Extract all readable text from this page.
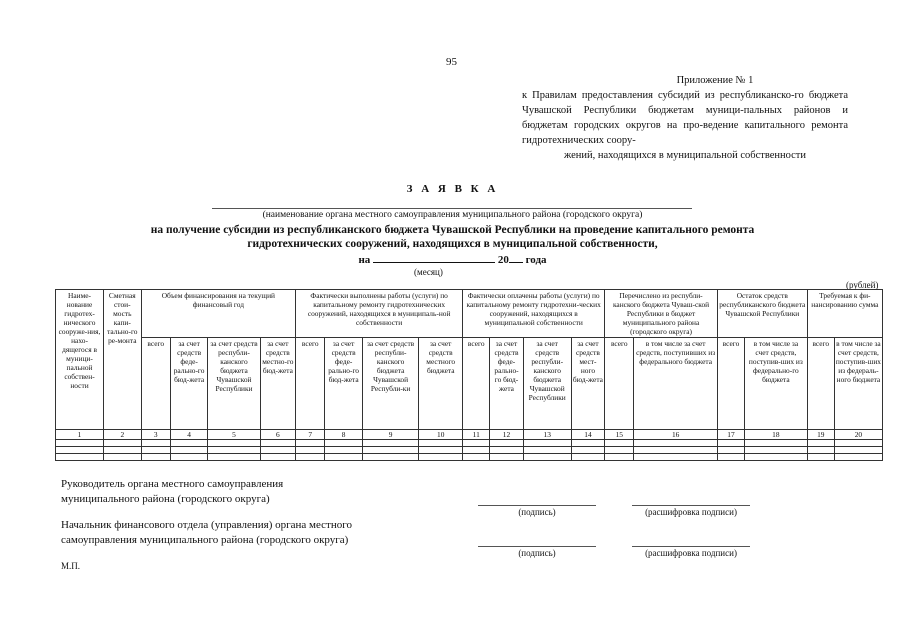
95
Приложение № 1
к Правилам предоставления субсидий из республиканско-го бюджета Чувашской Республики бюджетам муници-пальных районов и бюджетам городских округов на про-ведение капитального ремонта гидротехнических соору-
жений, находящихся в муниципальной собственности
З А Я В К А
(наименование органа местного самоуправления муниципального района (городского округа)
на получение субсидии из республиканского бюджета Чувашской Республики на проведение капитального ремонта
гидротехнических сооружений, находящихся в муниципальной собственности,
на	20 года
(месяц)
(рублей)
Наиме-нование гидротех-нического сооруже-ния, нахо-дящегося в муници-пальной собствен-ности	Сметная стои-мость капи-тально-го ре-монта	Объем финансирования на текущий финансовый год				Фактически выполнены работы (услуги) по капитальному ремонту гидротехнических сооружений, находящихся в муниципаль-ной собственности				Фактически оплачены работы (услуги) по капитальному ремонту гидротехни-ческих сооружений, находящихся в муниципальной собственности				Перечислено из республи-канского бюджета Чуваш-ской Республики в бюджет муниципального района (городского округа)		Остаток средств республиканского бюджета Чувашской Республики		Требуемая к фи-нансированию сумма	
		всего	за счет средств феде-рально-го бюд-жета	за счет средств республи-канского бюджета Чувашской Республики	за счет средств местно-го бюд-жета	всего	за счет средств феде-рально-го бюд-жета	за счет средств республи-канского бюджета Чувашской Республи-ки	за счет средств местного бюджета	всего	за счет средств феде-рально-го бюд-жета	за счет средств республи-канского бюджета Чувашской Республики	за счет средств мест-ного бюд-жета	всего	в том числе за счет средств, поступивших из федерального бюджета	всего	в том числе за счет средств, поступив-ших из федерально-го бюджета	всего	в том числе за счет средств, поступив-ших из федераль-ного бюджета
1	2	3	4	5	6	7	8	9	10	11	12	13	14	15	16	17	18	19	20

Руководитель органа местного самоуправления
муниципального района (городского округа)
(подпись)	(расшифровка подписи)
Начальник финансового отдела (управления) органа местного
самоуправления муниципального района (городского округа)
(подпись)	(расшифровка подписи)
М.П.
